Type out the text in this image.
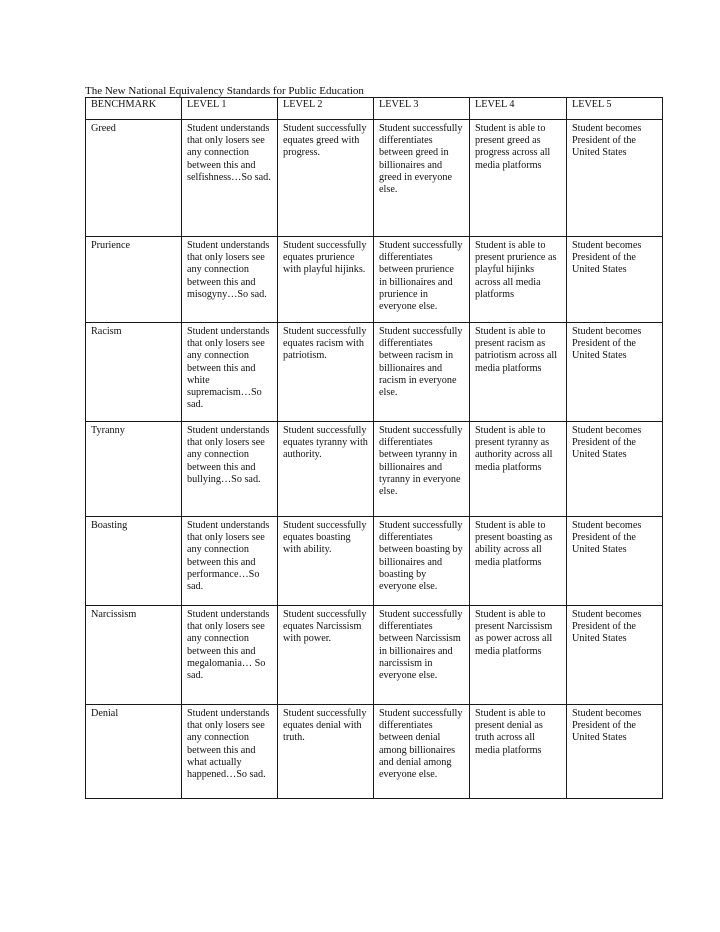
The New National Equivalency Standards for Public Education
BENCHMARK	LEVEL 1	LEVEL 2	LEVEL 3	LEVEL 4	LEVEL 5
Greed	Student understands that only losers see any connection between this and selfishness…So sad.	Student successfully equates greed with progress.	Student successfully differentiates between greed in billionaires and greed in everyone else.	Student is able to present greed as progress across all media platforms	Student becomes President of the United States
Prurience	Student understands that only losers see any connection between this and misogyny…So sad.	Student successfully equates prurience with playful hijinks.	Student successfully differentiates between prurience in billionaires and prurience in everyone else.	Student is able to present prurience as playful hijinks across all media platforms	Student becomes President of the United States
Racism	Student understands that only losers see any connection between this and white supremacism…So sad.	Student successfully equates racism with patriotism.	Student successfully differentiates between racism in billionaires and racism in everyone else.	Student is able to present racism as patriotism across all media platforms	Student becomes President of the United States
Tyranny	Student understands that only losers see any connection between this and bullying…So sad.	Student successfully equates tyranny with authority.	Student successfully differentiates between tyranny in billionaires and tyranny in everyone else.	Student is able to present tyranny as authority across all media platforms	Student becomes President of the United States
Boasting	Student understands that only losers see any connection between this and performance…So sad.	Student successfully equates boasting with ability.	Student successfully differentiates between boasting by billionaires and boasting by everyone else.	Student is able to present boasting as ability across all media platforms	Student becomes President of the United States
Narcissism	Student understands that only losers see any connection between this and megalomania… So sad.	Student successfully equates Narcissism with power.	Student successfully differentiates between Narcissism in billionaires and narcissism in everyone else.	Student is able to present Narcissism as power across all media platforms	Student becomes President of the United States
Denial	Student understands that only losers see any connection between this and what actually happened…So sad.	Student successfully equates denial with truth.	Student successfully differentiates between denial among billionaires and denial among everyone else.	Student is able to present denial as truth across all media platforms	Student becomes President of the United States
